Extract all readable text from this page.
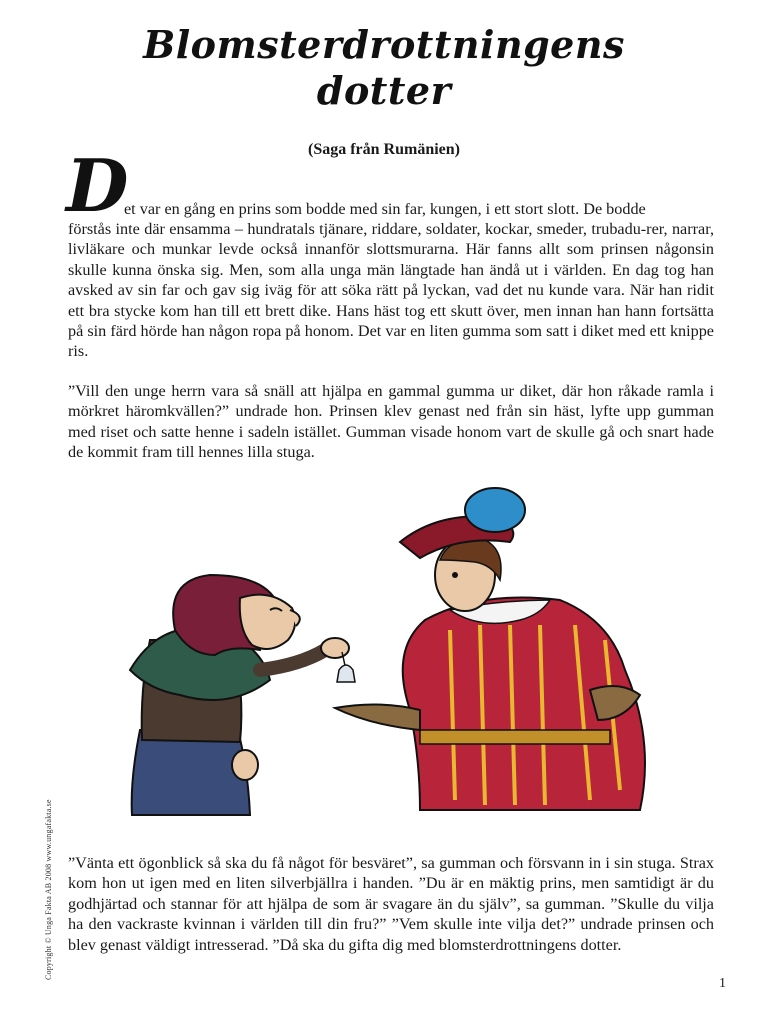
Blomsterdrottningens
dotter
(Saga från Rumänien)
D

et var en gång en prins som bodde med sin far, kungen, i ett stort slott. De bodde

förstås inte där ensamma – hundratals tjänare, riddare, soldater, kockar, smeder, trubadu-rer, narrar, livläkare och munkar levde också innanför slottsmurarna. Här fanns allt som prinsen någonsin skulle kunna önska sig. Men, som alla unga män längtade han ändå ut i världen. En dag tog han avsked av sin far och gav sig iväg för att söka rätt på lyckan, vad det nu kunde vara. När han ridit ett bra stycke kom han till ett brett dike. Hans häst tog ett skutt över, men innan han hann fortsätta på sin färd hörde han någon ropa på honom. Det var en liten gumma som satt i diket med ett knippe ris.

”Vill den unge herrn vara så snäll att hjälpa en gammal gumma ur diket, där hon råkade ramla i mörkret häromkvällen?” undrade hon. Prinsen klev genast ned från sin häst, lyfte upp gumman med riset och satte henne i sadeln istället. Gumman visade honom vart de skulle gå och snart hade de kommit fram till hennes lilla stuga.

”Vänta ett ögonblick så ska du få något för besväret”, sa gumman och försvann in i sin stuga. Strax kom hon ut igen med en liten silverbjällra i handen. ”Du är en mäktig prins, men samtidigt är du godhjärtad och stannar för att hjälpa de som är svagare än du själv”, sa gumman. ”Skulle du vilja ha den vackraste kvinnan i världen till din fru?” ”Vem skulle inte vilja det?” undrade prinsen och blev genast väldigt intresserad. ”Då ska du gifta dig med blomsterdrottningens dotter.

Copyright © Unga Fakta AB 2008 www.ungafakta.se
1
